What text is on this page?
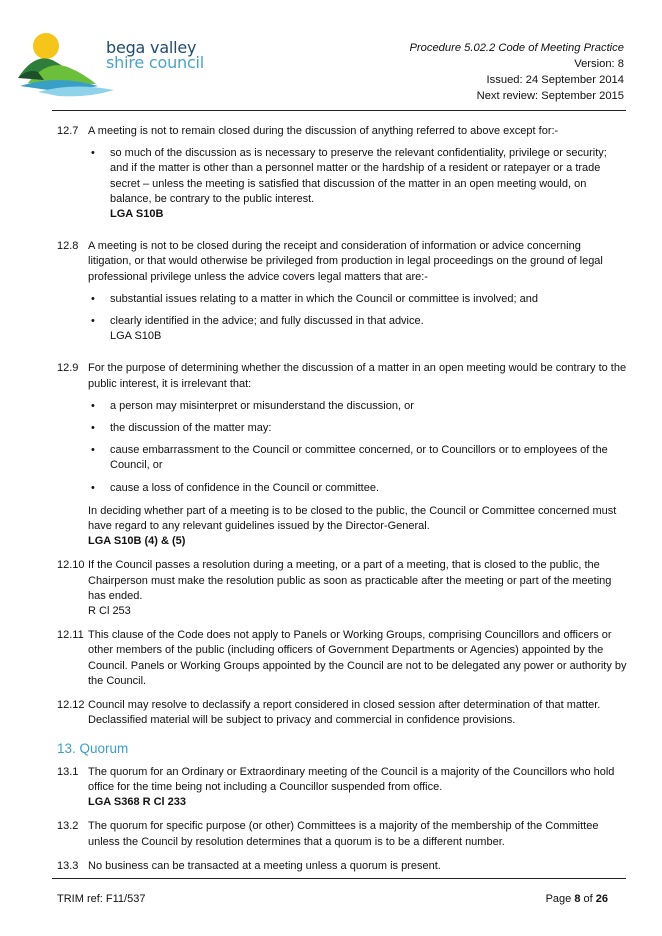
bega valley
shire council
Procedure 5.02.2 Code of Meeting Practice
Version: 8
Issued: 24 September 2014
Next review: September 2015
12.7 A meeting is not to remain closed during the discussion of anything referred to above except for:-
• so much of the discussion as is necessary to preserve the relevant confidentiality, privilege or security; and if the matter is other than a personnel matter or the hardship of a resident or ratepayer or a trade secret – unless the meeting is satisfied that discussion of the matter in an open meeting would, on balance, be contrary to the public interest.
LGA S10B
12.8 A meeting is not to be closed during the receipt and consideration of information or advice concerning litigation, or that would otherwise be privileged from production in legal proceedings on the ground of legal professional privilege unless the advice covers legal matters that are:-
• substantial issues relating to a matter in which the Council or committee is involved; and
• clearly identified in the advice; and fully discussed in that advice.
LGA S10B
12.9 For the purpose of determining whether the discussion of a matter in an open meeting would be contrary to the public interest, it is irrelevant that:
• a person may misinterpret or misunderstand the discussion, or
• the discussion of the matter may:
• cause embarrassment to the Council or committee concerned, or to Councillors or to employees of the Council, or
• cause a loss of confidence in the Council or committee.
In deciding whether part of a meeting is to be closed to the public, the Council or Committee concerned must have regard to any relevant guidelines issued by the Director-General.
LGA S10B (4) & (5)
12.10 If the Council passes a resolution during a meeting, or a part of a meeting, that is closed to the public, the Chairperson must make the resolution public as soon as practicable after the meeting or part of the meeting has ended.
R Cl 253
12.11 This clause of the Code does not apply to Panels or Working Groups, comprising Councillors and officers or other members of the public (including officers of Government Departments or Agencies) appointed by the Council. Panels or Working Groups appointed by the Council are not to be delegated any power or authority by the Council.
12.12 Council may resolve to declassify a report considered in closed session after determination of that matter. Declassified material will be subject to privacy and commercial in confidence provisions.
13. Quorum
13.1 The quorum for an Ordinary or Extraordinary meeting of the Council is a majority of the Councillors who hold office for the time being not including a Councillor suspended from office.
LGA S368 R Cl 233
13.2 The quorum for specific purpose (or other) Committees is a majority of the membership of the Committee unless the Council by resolution determines that a quorum is to be a different number.
13.3 No business can be transacted at a meeting unless a quorum is present.
TRIM ref: F11/537	Page 8 of 26
